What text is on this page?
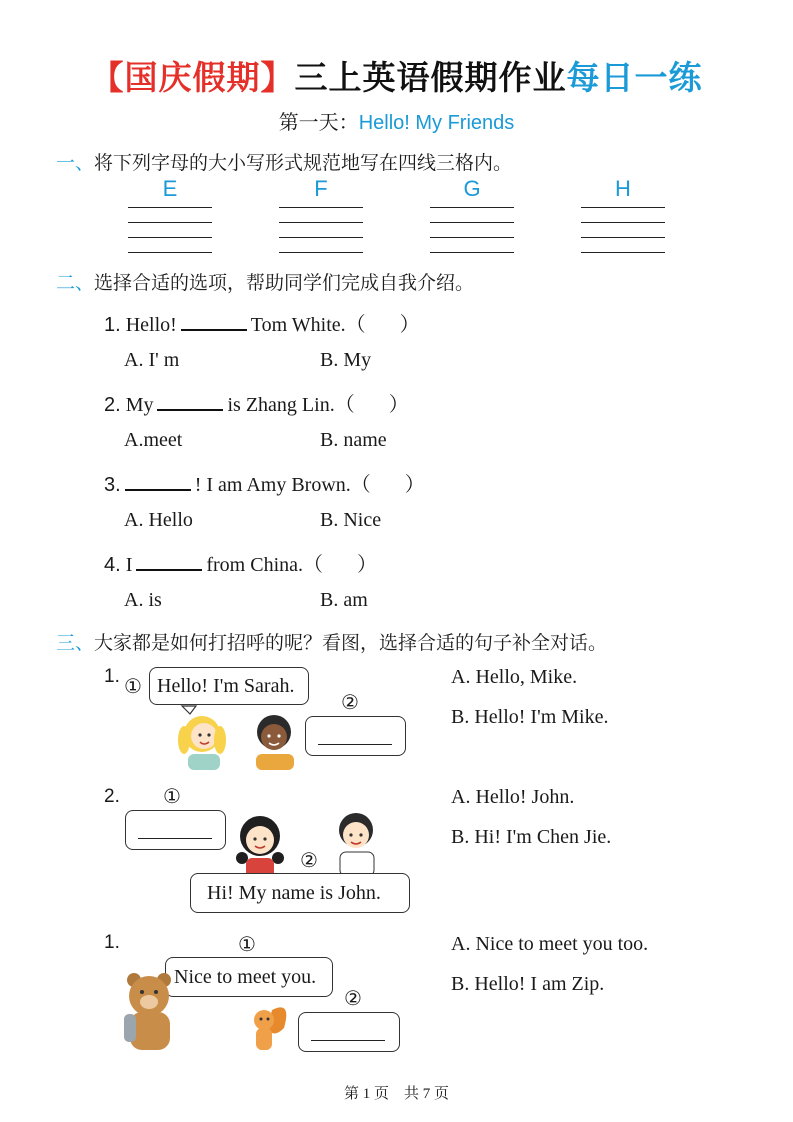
【国庆假期】三上英语假期作业每日一练
第一天：Hello! My Friends
一、将下列字母的大小写形式规范地写在四线三格内。
E	F	G	H
二、选择合适的选项，帮助同学们完成自我介绍。
1. Hello!	Tom White.（ ）
A. I' m	B. My
2. My	is Zhang Lin.（ ）
A.meet	B. name
3.	! I am Amy Brown.（ ）
A. Hello	B. Nice
4. I	from China.（ ）
A. is	B. am
三、大家都是如何打招呼的呢？看图，选择合适的句子补全对话。
1. ① Hello! I'm Sarah.
②
A. Hello, Mike.
B. Hello! I'm Mike.
2. ①
②
Hi! My name is John.
A. Hello! John.
B. Hi! I'm Chen Jie.
1.	①
Nice to meet you.
②
A. Nice to meet you too.
B. Hello! I am Zip.
第 1 页　共 7 页
